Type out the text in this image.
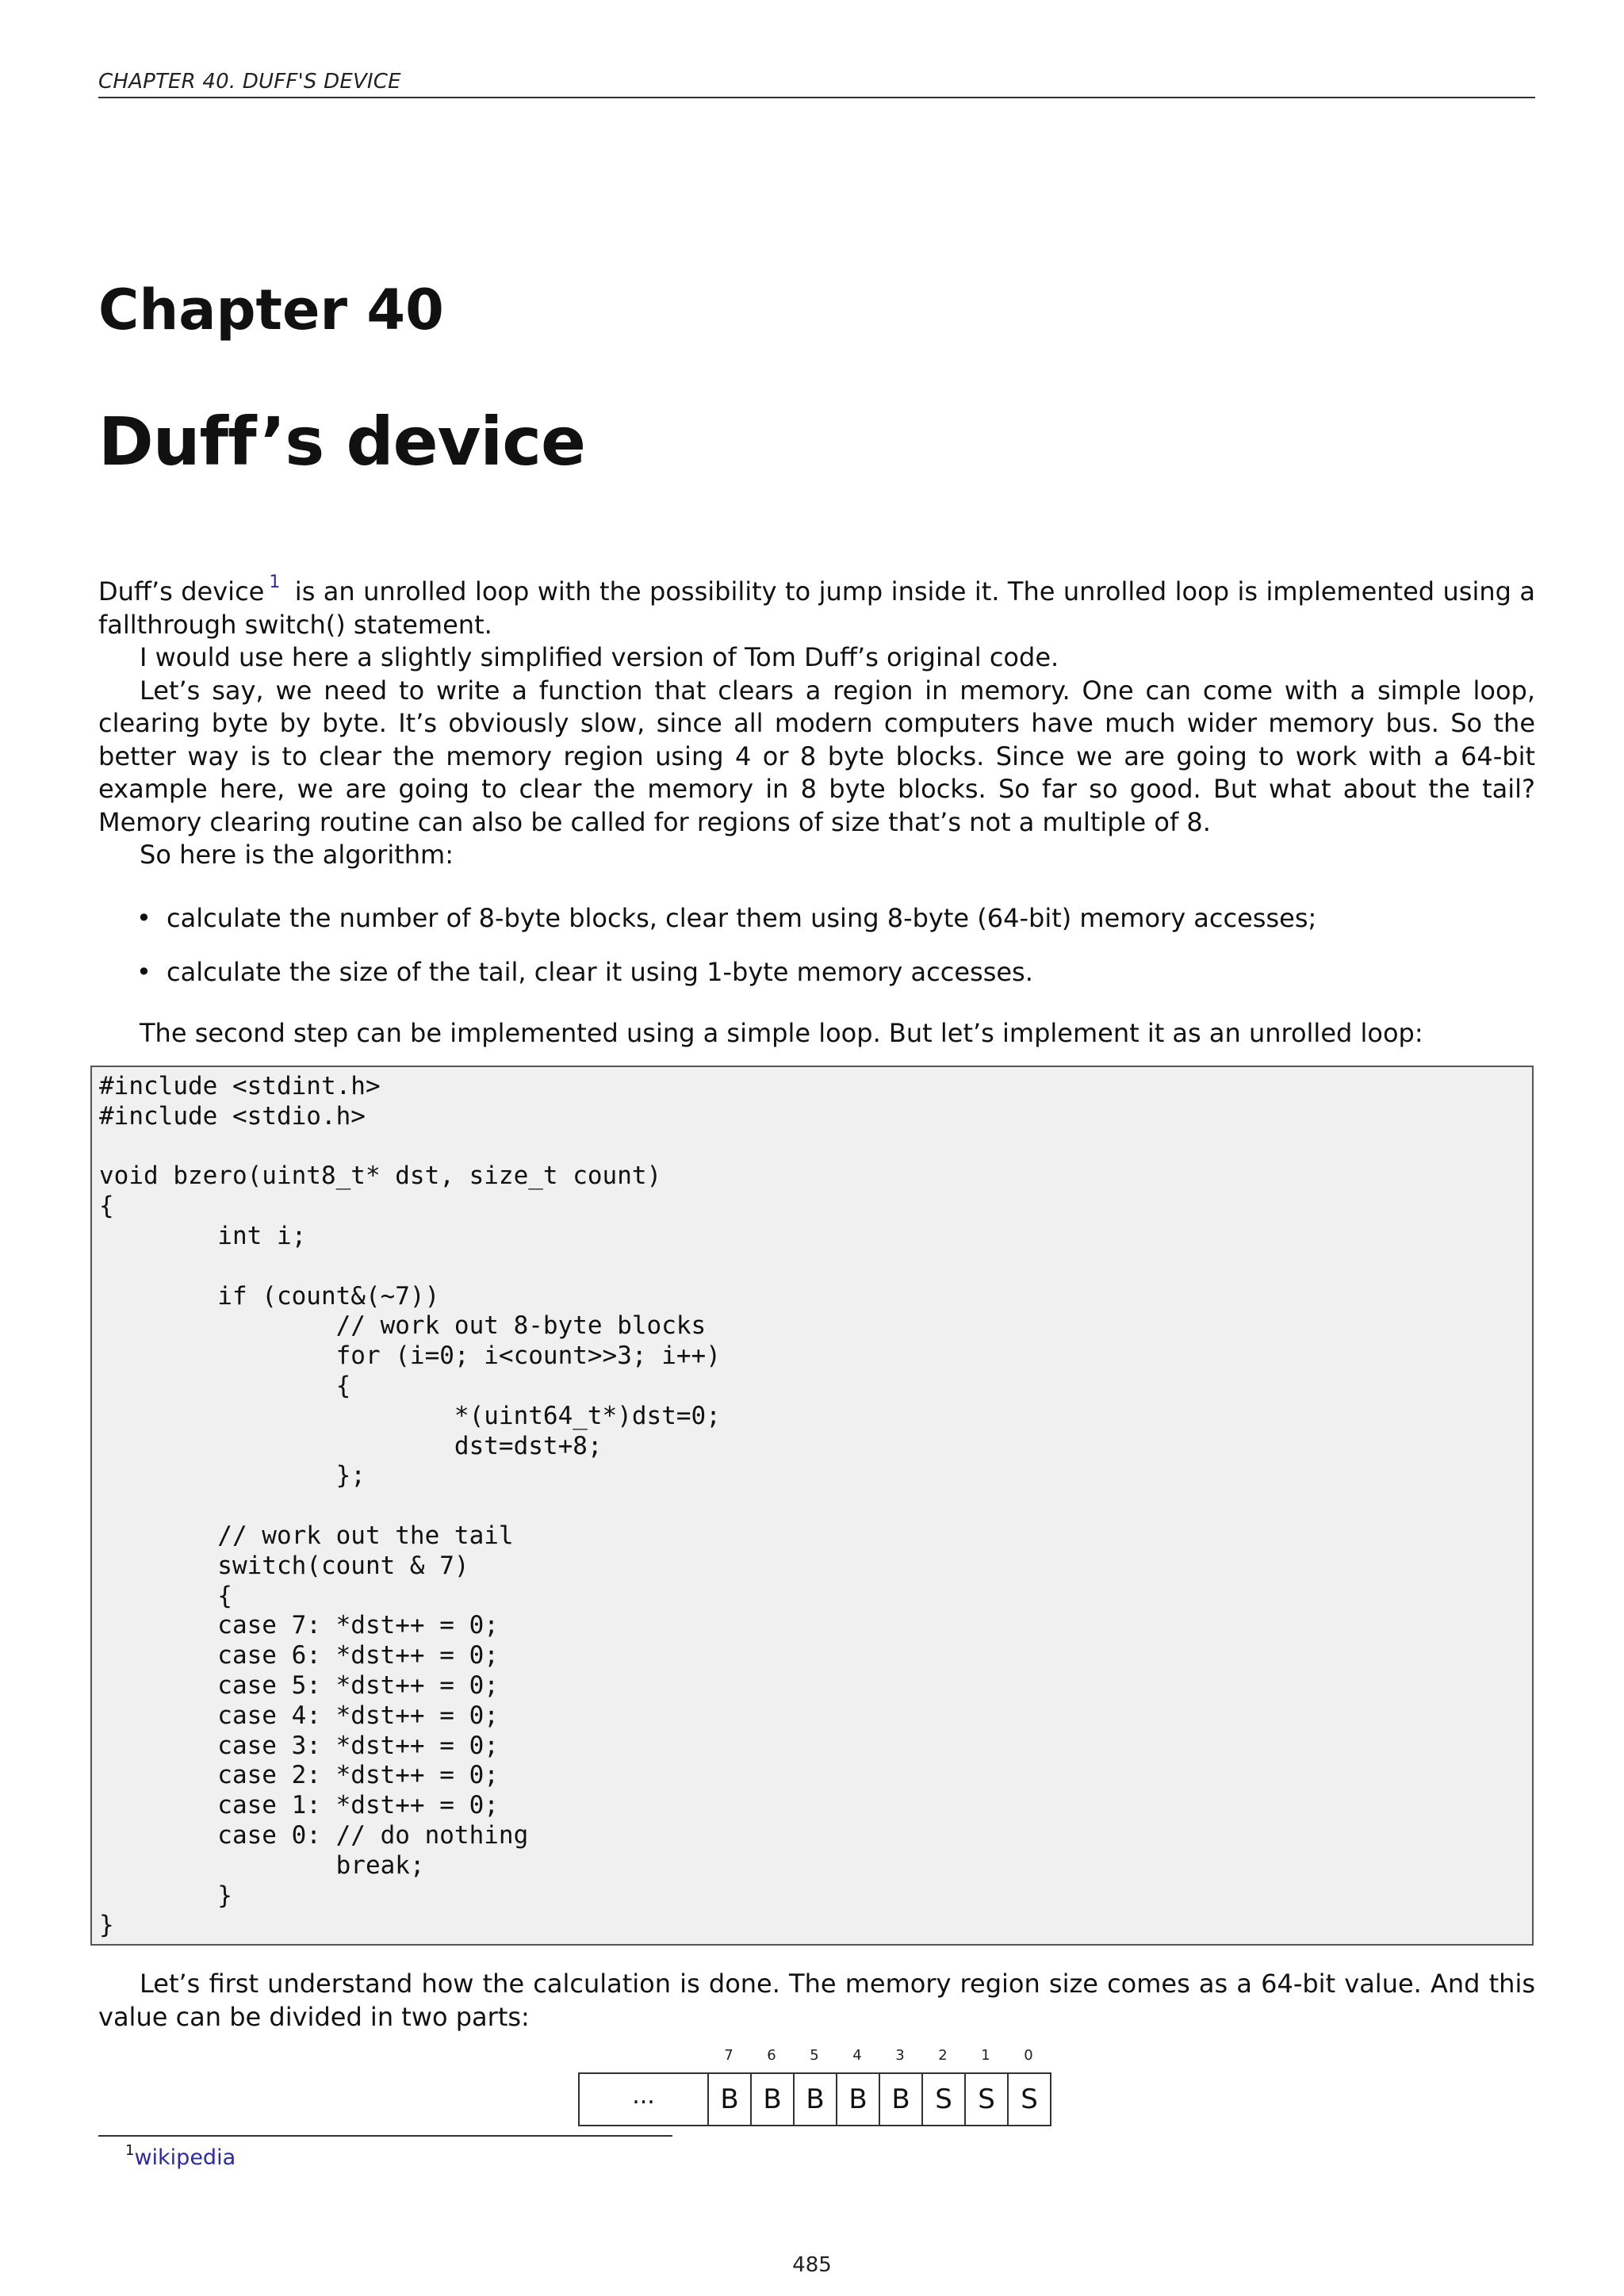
CHAPTER 40. DUFF'S DEVICE
Chapter 40
Duff’s device

Duff’s device $^1$ is an unrolled loop with the possibility to jump inside it. The unrolled loop is implemented using a fallthrough switch() statement.

I would use here a slightly simplified version of Tom Duff’s original code.

Let’s say, we need to write a function that clears a region in memory. One can come with a simple loop, clearing byte by byte. It’s obviously slow, since all modern computers have much wider memory bus. So the better way is to clear the memory region using 4 or 8 byte blocks. Since we are going to work with a 64-bit example here, we are going to clear the memory in 8 byte blocks. So far so good. But what about the tail? Memory clearing routine can also be called for regions of size that’s not a multiple of 8.

So here is the algorithm:

• calculate the number of 8-byte blocks, clear them using 8-byte (64-bit) memory accesses;
• calculate the size of the tail, clear it using 1-byte memory accesses.

The second step can be implemented using a simple loop. But let’s implement it as an unrolled loop:

#include <stdint.h>
#include <stdio.h>

void bzero(uint8_t* dst, size_t count)
{
int i;

if (count&(~7))
// work out 8-byte blocks
for (i=0; i<count>>3; i++)
{
*(uint64_t*)dst=0;
dst=dst+8;
};

// work out the tail
switch(count & 7)
{
case 7: *dst++ = 0;
case 6: *dst++ = 0;
case 5: *dst++ = 0;
case 4: *dst++ = 0;
case 3: *dst++ = 0;
case 2: *dst++ = 0;
case 1: *dst++ = 0;
case 0: // do nothing
break;
}
}

Let’s first understand how the calculation is done. The memory region size comes as a 64-bit value. And this value can be divided in two parts:

7	6	5	4	3	2	1	0
...	B B B B B S S S
$^1$wikipedia
485
